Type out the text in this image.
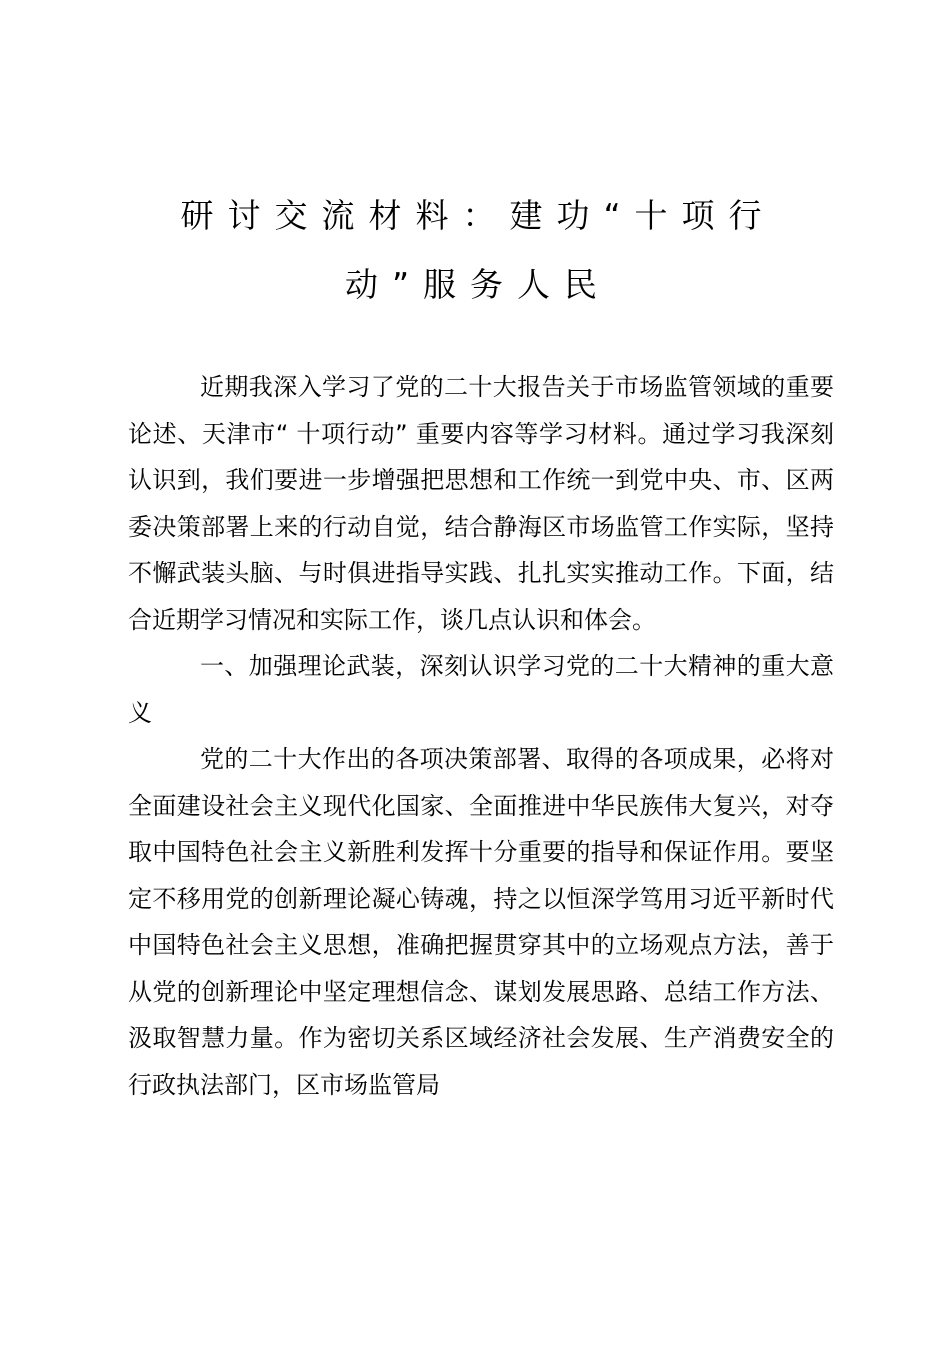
研讨交流材料：建功“十项行
动”服务人民

近期我深入学习了党的二十大报告关于市场监管领域的重要论述、天津市“ 十项行动” 重要内容等学习材料。通过学习我深刻认识到，我们要进一步增强把思想和工作统一到党中央、市、区两委决策部署上来的行动自觉，结合静海区市场监管工作实际，坚持不懈武装头脑、与时俱进指导实践、扎扎实实推动工作。下面，结合近期学习情况和实际工作，谈几点认识和体会。

一、加强理论武装，深刻认识学习党的二十大精神的重大意义

党的二十大作出的各项决策部署、取得的各项成果，必将对全面建设社会主义现代化国家、全面推进中华民族伟大复兴，对夺取中国特色社会主义新胜利发挥十分重要的指导和保证作用。要坚定不移用党的创新理论凝心铸魂，持之以恒深学笃用习近平新时代中国特色社会主义思想，准确把握贯穿其中的立场观点方法，善于从党的创新理论中坚定理想信念、谋划发展思路、总结工作方法、汲取智慧力量。作为密切关系区域经济社会发展、生产消费安全的行政执法部门，区市场监管局
